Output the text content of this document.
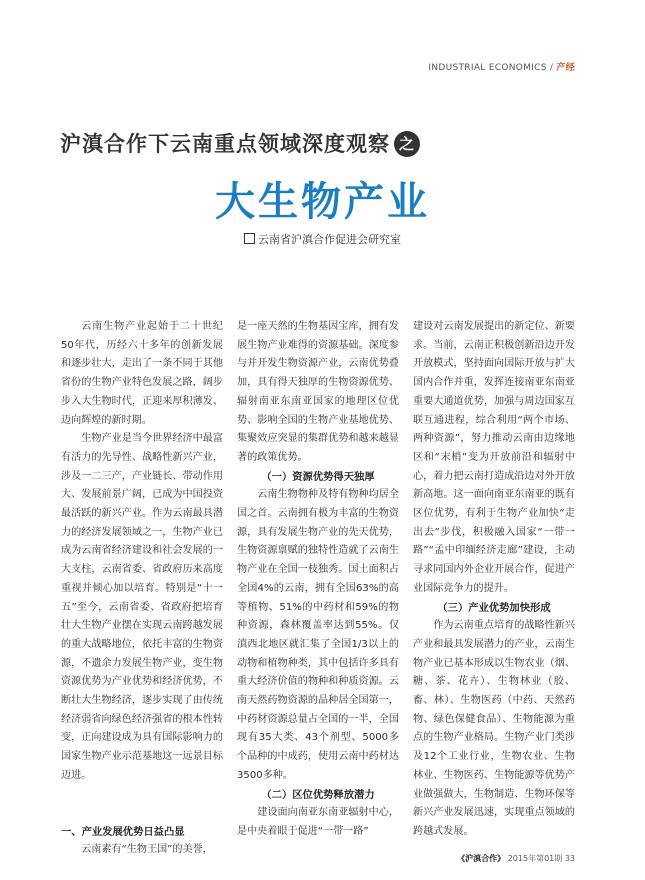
INDUSTRIAL ECONOMICS / 产经
沪滇合作下云南重点领域深度观察 之
大生物产业
云南省沪滇合作促进会研究室

云南生物产业起始于二十世纪50年代，历经六十多年的创新发展和逐步壮大，走出了一条不同于其他省份的生物产业特色发展之路，阔步步入大生物时代，正迎来厚积薄发、迈向辉煌的新时期。

生物产业是当今世界经济中最富有活力的先导性、战略性新兴产业，涉及一二三产，产业链长、带动作用大、发展前景广阔，已成为中国投资最活跃的新兴产业。作为云南最具潜力的经济发展领域之一，生物产业已成为云南省经济建设和社会发展的一大支柱，云南省委、省政府历来高度重视并倾心加以培育。特别是“十一五”至今，云南省委、省政府把培育壮大生物产业摆在实现云南跨越发展的重大战略地位，依托丰富的生物资源，不遗余力发展生物产业，变生物资源优势为产业优势和经济优势，不断壮大生物经济，逐步实现了由传统经济弱省向绿色经济强省的根本性转变，正向建设成为具有国际影响力的国家生物产业示范基地这一远景目标迈进。

一、产业发展优势日益凸显

云南素有“生物王国”的美誉，

是一座天然的生物基因宝库，拥有发展生物产业难得的资源基础。深度参与并开发生物资源产业，云南优势叠加，具有得天独厚的生物资源优势、辐射南亚东南亚国家的地理区位优势、影响全国的生物产业基地优势、集聚效应突显的集群优势和越来越显著的政策优势。

（一）资源优势得天独厚

云南生物物种及特有物种均居全国之首。云南拥有极为丰富的生物资源，具有发展生物产业的先天优势，生物资源禀赋的独特性造就了云南生物产业在全国一枝独秀。国土面积占全国4%的云南，拥有全国63%的高等植物、51%的中药材和59%的物种资源，森林覆盖率达到55%。仅滇西北地区就汇集了全国1/3以上的动物和植物种类，其中包括许多具有重大经济价值的物种和种质资源。云南天然药物资源的品种居全国第一，中药材资源总量占全国的一半，全国现有35大类、43个剂型、5000多个品种的中成药，使用云南中药材达3500多种。

（二）区位优势释放潜力

建设面向南亚东南亚辐射中心，是中央着眼于促进“一带一路”

建设对云南发展提出的新定位、新要求。当前，云南正积极创新沿边开发开放模式，坚持面向国际开放与扩大国内合作并重，发挥连接南亚东南亚重要大通道优势，加强与周边国家互联互通进程，综合利用“两个市场、两种资源”，努力推动云南由边缘地区和“末梢”变为开放前沿和辐射中心，着力把云南打造成沿边对外开放新高地。这一面向南亚东南亚的既有区位优势，有利于生物产业加快“走出去”步伐，积极融入国家“一带一路”“孟中印缅经济走廊”建设，主动寻求同国内外企业开展合作，促进产业国际竞争力的提升。

（三）产业优势加快形成

作为云南重点培育的战略性新兴产业和最具发展潜力的产业，云南生物产业已基本形成以生物农业（烟、糖、茶、花卉）、生物林业（胶、畜、林）、生物医药（中药、天然药物、绿色保健食品）、生物能源为重点的生物产业格局。生物产业门类涉及12个工业行业，生物农业、生物林业、生物医药、生物能源等优势产业做强做大，生物制造、生物环保等新兴产业发展迅速，实现重点领域的跨越式发展。

《沪滇合作》 2015年第01期 33
